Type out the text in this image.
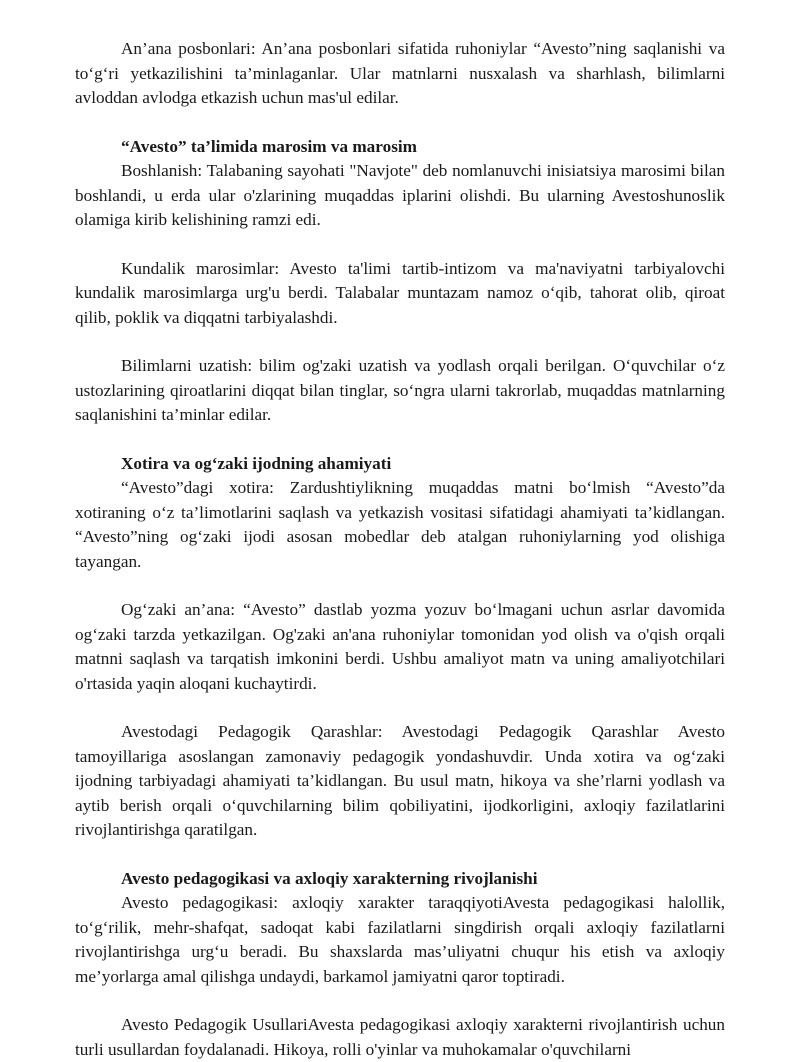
An’ana posbonlari: An’ana posbonlari sifatida ruhoniylar “Avesto”ning saqlanishi va to‘g‘ri yetkazilishini ta’minlaganlar. Ular matnlarni nusxalash va sharhlash, bilimlarni avloddan avlodga etkazish uchun mas'ul edilar.

“Avesto” ta’limida marosim va marosim

Boshlanish: Talabaning sayohati "Navjote" deb nomlanuvchi inisiatsiya marosimi bilan boshlandi, u erda ular o'zlarining muqaddas iplarini olishdi. Bu ularning Avestoshunoslik olamiga kirib kelishining ramzi edi.

Kundalik marosimlar: Avesto ta'limi tartib-intizom va ma'naviyatni tarbiyalovchi kundalik marosimlarga urg'u berdi. Talabalar muntazam namoz o‘qib, tahorat olib, qiroat qilib, poklik va diqqatni tarbiyalashdi.

Bilimlarni uzatish: bilim og'zaki uzatish va yodlash orqali berilgan. O‘quvchilar o‘z ustozlarining qiroatlarini diqqat bilan tinglar, so‘ngra ularni takrorlab, muqaddas matnlarning saqlanishini ta’minlar edilar.

Xotira va og‘zaki ijodning ahamiyati

“Avesto”dagi xotira: Zardushtiylikning muqaddas matni bo‘lmish “Avesto”da xotiraning o‘z ta’limotlarini saqlash va yetkazish vositasi sifatidagi ahamiyati ta’kidlangan. “Avesto”ning og‘zaki ijodi asosan mobedlar deb atalgan ruhoniylarning yod olishiga tayangan.

Og‘zaki an’ana: “Avesto” dastlab yozma yozuv bo‘lmagani uchun asrlar davomida og‘zaki tarzda yetkazilgan. Og'zaki an'ana ruhoniylar tomonidan yod olish va o'qish orqali matnni saqlash va tarqatish imkonini berdi. Ushbu amaliyot matn va uning amaliyotchilari o'rtasida yaqin aloqani kuchaytirdi.

Avestodagi Pedagogik Qarashlar: Avestodagi Pedagogik Qarashlar Avesto tamoyillariga asoslangan zamonaviy pedagogik yondashuvdir. Unda xotira va og‘zaki ijodning tarbiyadagi ahamiyati ta’kidlangan. Bu usul matn, hikoya va she’rlarni yodlash va aytib berish orqali o‘quvchilarning bilim qobiliyatini, ijodkorligini, axloqiy fazilatlarini rivojlantirishga qaratilgan.

Avesto pedagogikasi va axloqiy xarakterning rivojlanishi

Avesto pedagogikasi: axloqiy xarakter taraqqiyotiAvesta pedagogikasi halollik, to‘g‘rilik, mehr-shafqat, sadoqat kabi fazilatlarni singdirish orqali axloqiy fazilatlarni rivojlantirishga urg‘u beradi. Bu shaxslarda mas’uliyatni chuqur his etish va axloqiy me’yorlarga amal qilishga undaydi, barkamol jamiyatni qaror toptiradi.

Avesto Pedagogik UsullariAvesta pedagogikasi axloqiy xarakterni rivojlantirish uchun turli usullardan foydalanadi. Hikoya, rolli o'yinlar va muhokamalar o'quvchilarni
